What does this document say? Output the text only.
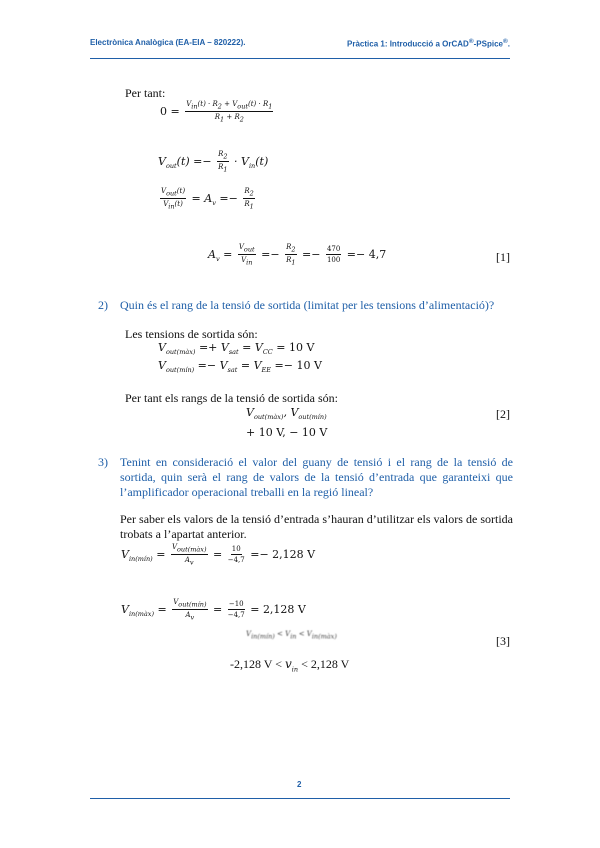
Electrònica Analògica (EA-EIA – 820222).	Pràctica 1: Introducció a OrCAD®-PSpice®.
Per tant:
$0 = \frac{V_{in}(t) \cdot R_2 + V_{out}(t) \cdot R_1}{R_1 + R_2}$
$V_{out}(t) =- \frac{R_2}{R_1} \cdot V_{in}(t)$
$\frac{V_{out}(t)}{V_{in}(t)} = A_v =- \frac{R_2}{R_1}$
$A_v = \frac{V_{out}}{V_{in}} =- \frac{R_2}{R_1} =- \frac{470}{100} =- 4,7$	[1]
2) Quin és el rang de la tensió de sortida (limitat per les tensions d’alimentació)?
Les tensions de sortida són:
$V_{out(màx)} =+ V_{sat} = V_{CC} = 10$ V
$V_{out(mín)} =- V_{sat} = V_{EE} =- 10$ V
Per tant els rangs de la tensió de sortida són:
$V_{out(màx)}$, $V_{out(mín)}$
+ 10 V, − 10 V
[2]
3) Tenint en consideració el valor del guany de tensió i el rang de la tensió de sortida, quin serà el rang de valors de la tensió d’entrada que garanteixi que l’amplificador operacional treballi en la regió lineal?
Per saber els valors de la tensió d’entrada s’hauran d’utilitzar els valors de sortida trobats a l’apartat anterior.
$V_{in(mín)} = \frac{V_{out(màx)}}{A_v} = \frac{10}{-4,7} =- 2,128$ V
$V_{in(màx)} = \frac{V_{out(mín)}}{A_v} = \frac{-10}{-4,7} = 2,128$ V
$V_{in(mín)} < V_{in} < V_{in(màx)}$	[3]
-2,128 $V < v_{in} < 2,128$ V
2
